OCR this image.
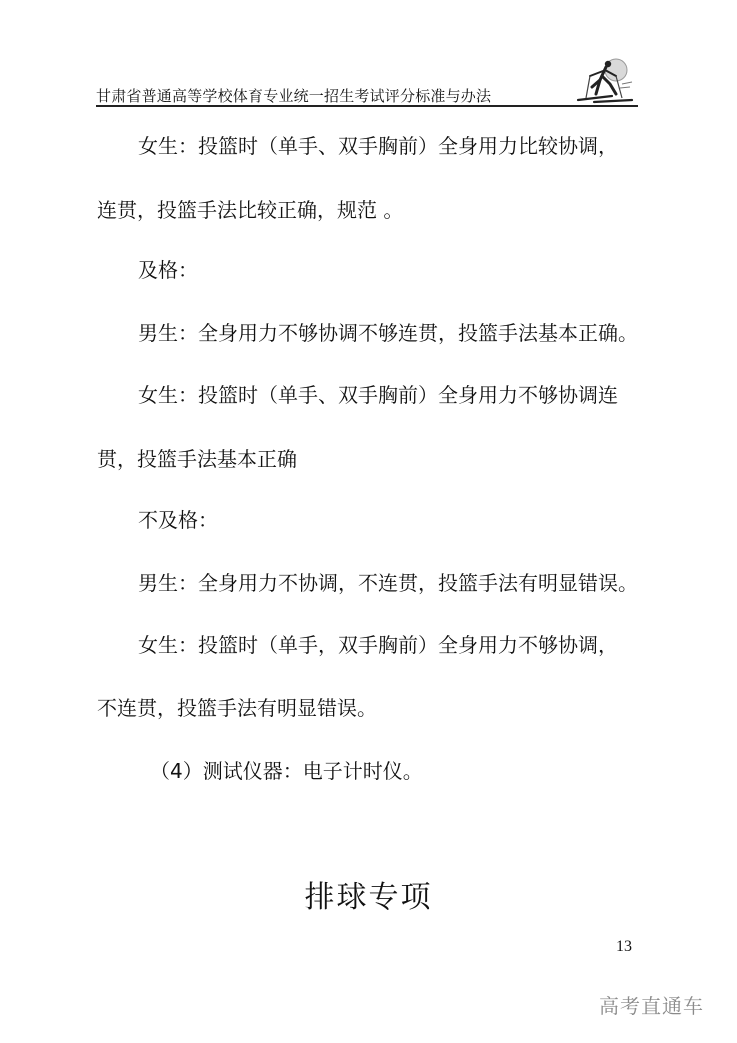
甘肃省普通高等学校体育专业统一招生考试评分标准与办法
女生：投篮时（单手、双手胸前）全身用力比较协调，
连贯，投篮手法比较正确，规范 。
及格：
男生：全身用力不够协调不够连贯，投篮手法基本正确。
女生：投篮时（单手、双手胸前）全身用力不够协调连
贯，投篮手法基本正确
不及格：
男生：全身用力不协调，不连贯，投篮手法有明显错误。
女生：投篮时（单手，双手胸前）全身用力不够协调，
不连贯，投篮手法有明显错误。
（4）测试仪器：电子计时仪。
排球专项
13
高考直通车
